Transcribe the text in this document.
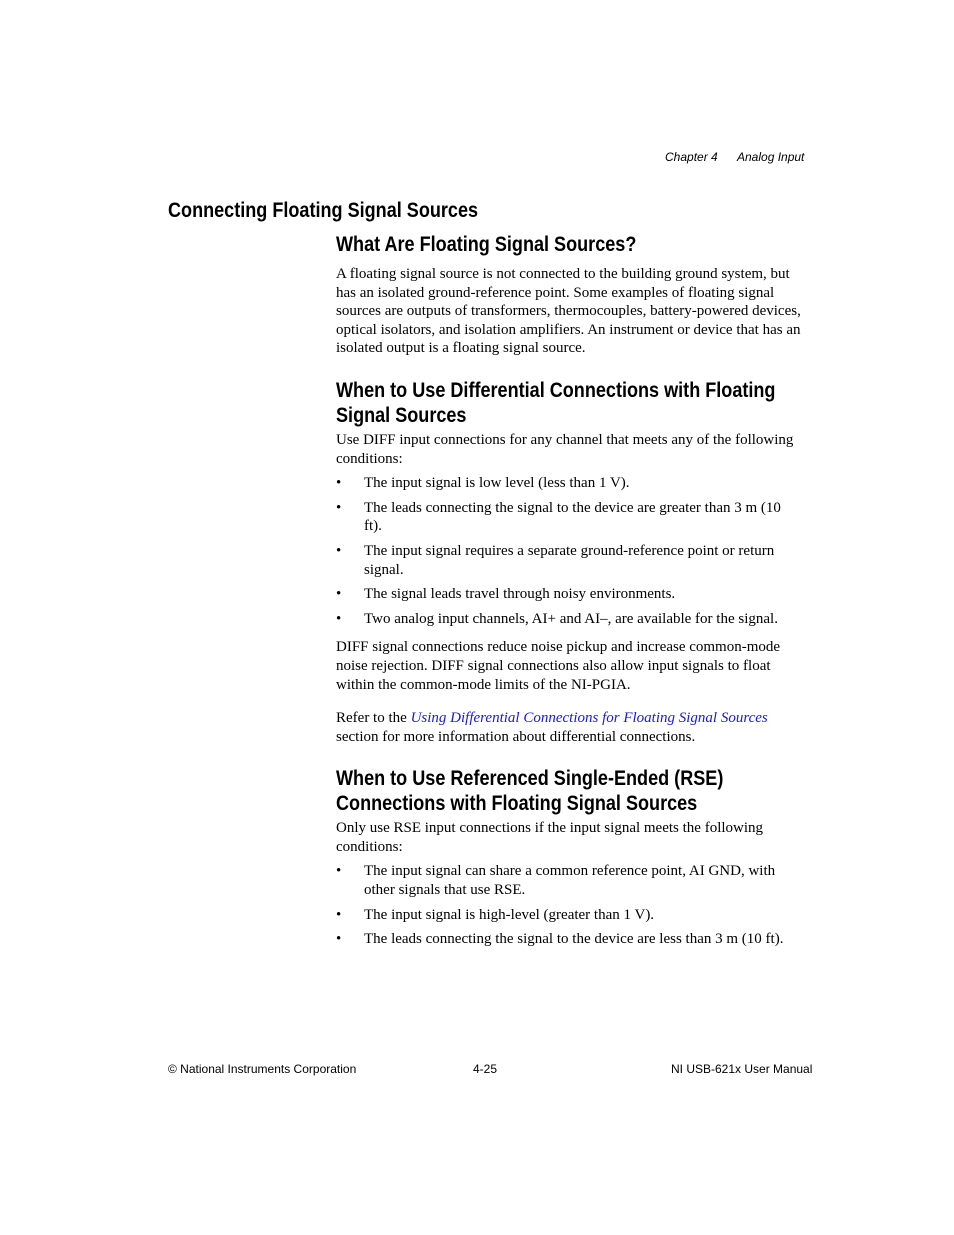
Chapter 4 Analog Input
Connecting Floating Signal Sources
What Are Floating Signal Sources?

A floating signal source is not connected to the building ground system, but has an isolated ground-reference point. Some examples of floating signal sources are outputs of transformers, thermocouples, battery-powered devices, optical isolators, and isolation amplifiers. An instrument or device that has an isolated output is a floating signal source.

When to Use Differential Connections with Floating Signal Sources

Use DIFF input connections for any channel that meets any of the following conditions:

• The input signal is low level (less than 1 V).
• The leads connecting the signal to the device are greater than 3 m (10 ft).
• The input signal requires a separate ground-reference point or return signal.
• The signal leads travel through noisy environments.
• Two analog input channels, AI+ and AI–, are available for the signal.

DIFF signal connections reduce noise pickup and increase common-mode noise rejection. DIFF signal connections also allow input signals to float within the common-mode limits of the NI-PGIA.

Refer to the Using Differential Connections for Floating Signal Sources section for more information about differential connections.

When to Use Referenced Single-Ended (RSE) Connections with Floating Signal Sources

Only use RSE input connections if the input signal meets the following conditions:

• The input signal can share a common reference point, AI GND, with other signals that use RSE.
• The input signal is high-level (greater than 1 V).
• The leads connecting the signal to the device are less than 3 m (10 ft).
© National Instruments Corporation	4-25	NI USB-621x User Manual
